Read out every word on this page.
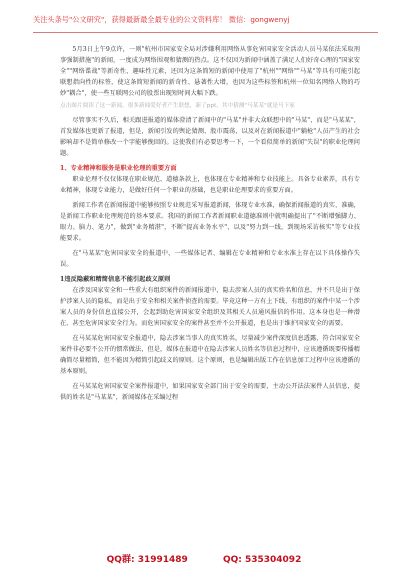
关注头条号"公文研究"，获得最新最全最专业的公文资料库！ 微信：gongwenyj

5月3日上午9点许，一则"杭州市国家安全局对涉嫌利用网络从事危害国家安全活动人员马某依法采取刑事强制措施"的新闻，一度成为网络围观和猜测的热点。这不仅因为新闻中涵盖了满足人们好奇心理的"国家安全""网络谍战"等新奇性、趣味性元素，还因为这条简短的新闻中使用了"杭州""网络""马某"等具有可能引起联想指向性的标签，使这条简短新闻的新奇性、悬著性大增，也因为这些标签和杭州一位知名网络人物的巧妙"耦合"，使一些互联网公司的股票出现短时间大幅下跌。

点击图片阅读了这一新闻，很多新闻爱好者产生联想，新了ppt，其中猜测"马某某"就是马下家

尽管事实不久后，相关跟进报道的媒体澄清了新闻中的"马某"并非大众联想中的"马某"，而是"马某某"，首发媒体也更新了报道，但是，新闻引发的舆论猜测、股市震荡，以及对在新闻报道中"躺枪"人员产生的社会影响却不是简单修改一个字能够挽回的。这使我们有必要思考一下，一个看似简单的新闻"失误"的职业伦理问题。

1、专业精神和服务是职业伦理的重要方面

职业伦理不仅仅体现在职业规范、道德条款上，也体现在专业精神和专业技能上。具备专业素养，具有专业精神，体现专业能力，是做好任何一个职业的基础，也是职业伦理要求的重要方面。

新闻工作者在新闻报道中能够按照专业规范采写报道新闻，体现专业水准，确保新闻报道的真实、准确，是新闻工作职业伦理规范的基本要求。我国的新闻工作者新闻职业道德准则中就明确提出了"不断增强脚力、眼力、脑力、笔力"，做到"业务精湛"，不断"提高业务水平"，以及"努力到一线，到现场采访核实"等专业技能要求。

在"马某某"危害国家安全的报道中，一些媒体记者、编辑在专业精神和专业水准上存在以下具体操作失误。

1违反隐蔽和精简信息不能引起歧义原则

在涉及国家安全和一些重大有组织案件的新闻报道中，隐去涉案人员的真实姓名和信息，并不只是出于保护涉案人员的隐私，而是出于安全和相关案件侦查的需要。毕竟这种一方有上下线、有组织的案件中某一个涉案人员的身份信息直接公开，会起到助危害国家安全组织及其相关人员通风报信的作用。这本身也是一种潜在、甚至危害国家安全行为。而危害国家安全的案件甚至并不公开报道，也是出于维护国家安全的需要。

在马某某危害国家安全报道中，隐去涉案当事人的真实姓名，尽量减少案件深度信息透露，符合国家安全案件非必要不公开的惯常做法，但是，媒体在报道中在隐去涉案人员姓名等信息过程中，应该遵循既要传播精确简尽量精简，但不能因为精简引起歧义的原则。这个原则，也是编辑出版工作在信息加工过程中应该遵循的基本原则。

在马某某危害国家安全案件报道中，如果国家安全部门出于安全的需要，主动公开法法案件人员信息，提供的姓名是"马某某"，新闻媒体在采编过程

QQ群: 31991489	QQ: 535304092
